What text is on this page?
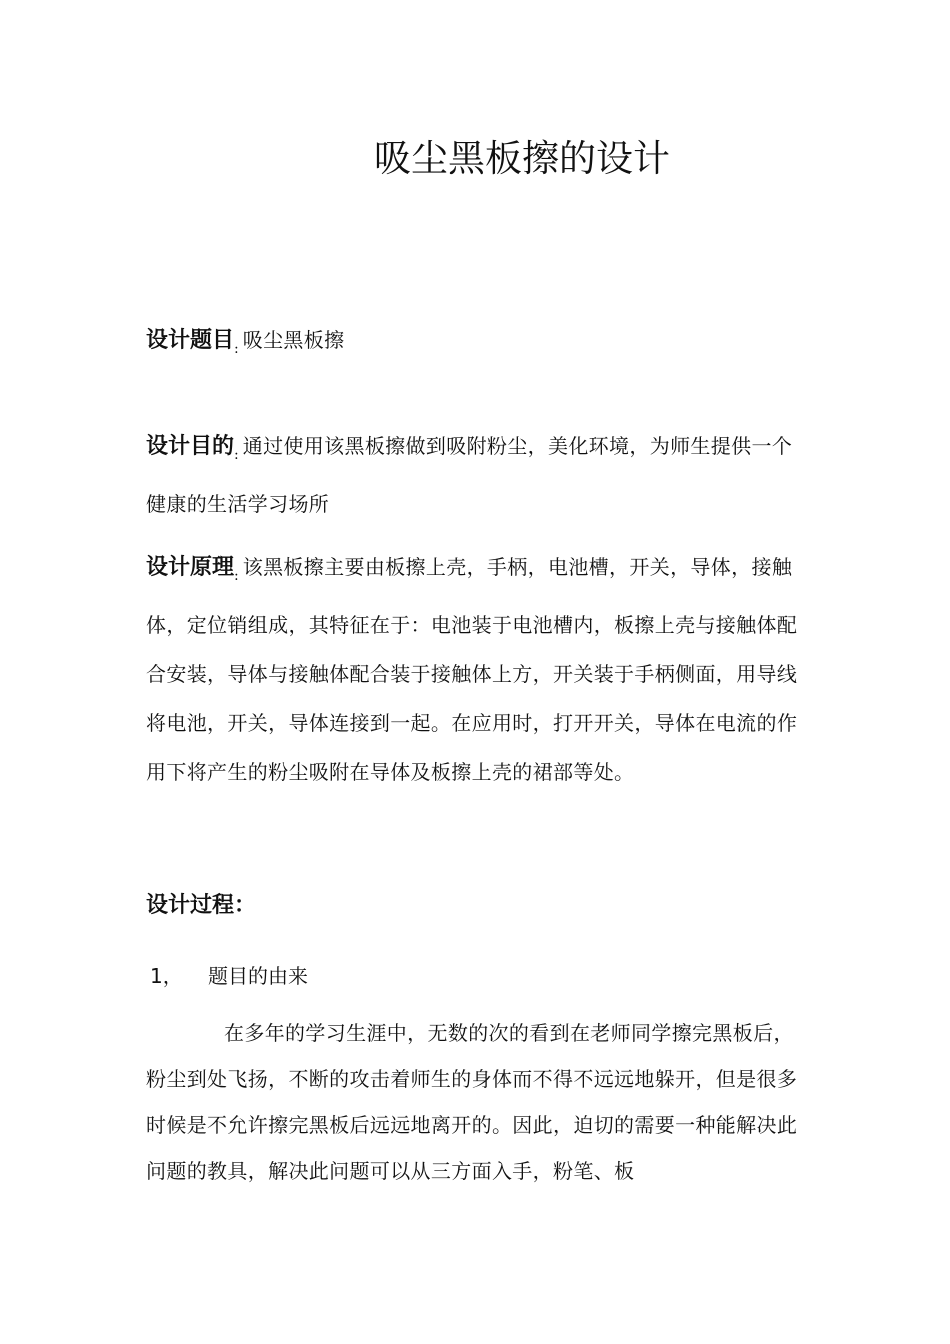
吸尘黑板擦的设计
设计题目$_:$ 吸尘黑板擦
设计目的$_:$ 通过使用该黑板擦做到吸附粉尘，美化环境，为师生提供一个健康的生活学习场所
设计原理$_:$ 该黑板擦主要由板擦上壳，手柄，电池槽，开关，导体，接触体，定位销组成，其特征在于：电池装于电池槽内，板擦上壳与接触体配合安装，导体与接触体配合装于接触体上方，开关装于手柄侧面，用导线将电池，开关，导体连接到一起。在应用时，打开开关，导体在电流的作用下将产生的粉尘吸附在导体及板擦上壳的裙部等处。
设计过程：
1， 题目的由来
在多年的学习生涯中，无数的次的看到在老师同学擦完黑板后，粉尘到处飞扬，不断的攻击着师生的身体而不得不远远地躲开，但是很多时候是不允许擦完黑板后远远地离开的。因此，迫切的需要一种能解决此问题的教具，解决此问题可以从三方面入手，粉笔、板
